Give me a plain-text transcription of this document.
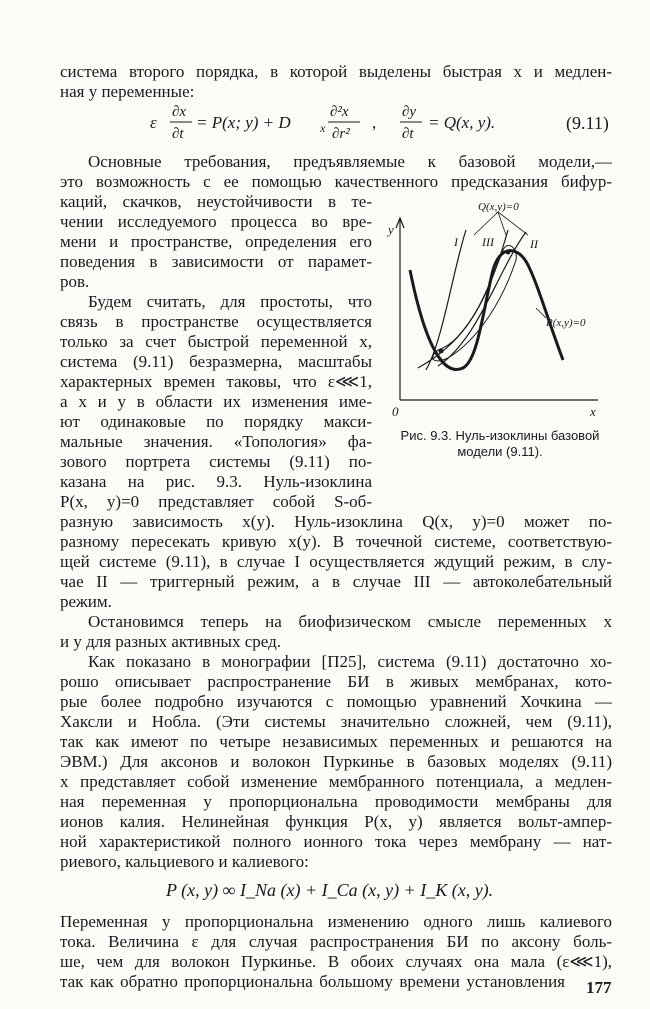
система второго порядка, в которой выделены быстрая x и медлен-
ная y переменные:
ε
∂x
∂t
= P(x; y) + D x
∂²x
∂r²
,
∂y
∂t
= Q(x, y).	(9.11)
Основные требования, предъявляемые к базовой модели,—
это возможность с ее помощью качественного предсказания бифур-
каций, скачков, неустойчивости в те-
чении исследуемого процесса во вре-
мени и пространстве, определения его
поведения в зависимости от парамет-
ров.
Будем считать, для простоты, что
связь в пространстве осуществляется
только за счет быстрой переменной x,
система (9.11) безразмерна, масштабы
характерных времен таковы, что ε⋘1,
а x и y в области их изменения име-
ют одинаковые по порядку макси-
мальные значения. «Топология» фа-
зового портрета системы (9.11) по-
казана на рис. 9.3. Нуль-изоклина
P(x, y)=0 представляет собой S-об-
разную зависимость x(y). Нуль-изоклина Q(x, y)=0 может по-
разному пересекать кривую x(y). В точечной системе, соответствую-
щей системе (9.11), в случае I осуществляется ждущий режим, в слу-
чае II — триггерный режим, а в случае III — автоколебательный
режим.
Остановимся теперь на биофизическом смысле переменных x
и y для разных активных сред.
Как показано в монографии [П25], система (9.11) достаточно хо-
рошо описывает распространение БИ в живых мембранах, кото-
рые более подробно изучаются с помощью уравнений Хочкина —
Хаксли и Нобла. (Эти системы значительно сложней, чем (9.11),
так как имеют по четыре независимых переменных и решаются на
ЭВМ.) Для аксонов и волокон Пуркинье в базовых моделях (9.11)
x представляет собой изменение мембранного потенциала, а медлен-
ная переменная y пропорциональна проводимости мембраны для
ионов калия. Нелинейная функция P(x, y) является вольт-ампер-
ной характеристикой полного ионного тока через мембрану — нат-
риевого, кальциевого и калиевого:
P (x, y) ∞ I_Na (x) + I_Ca (x, y) + I_K (x, y).
Переменная y пропорциональна изменению одного лишь калиевого
тока. Величина ε для случая распространения БИ по аксону боль-
ше, чем для волокон Пуркинье. В обоих случаях она мала (ε⋘1),
так как обратно пропорциональна большому времени установления
y
x
0
Q(x,y)=0
P(x,y)=0
I	II
III
Рис. 9.3. Нуль-изоклины базовой
модели (9.11).
177
